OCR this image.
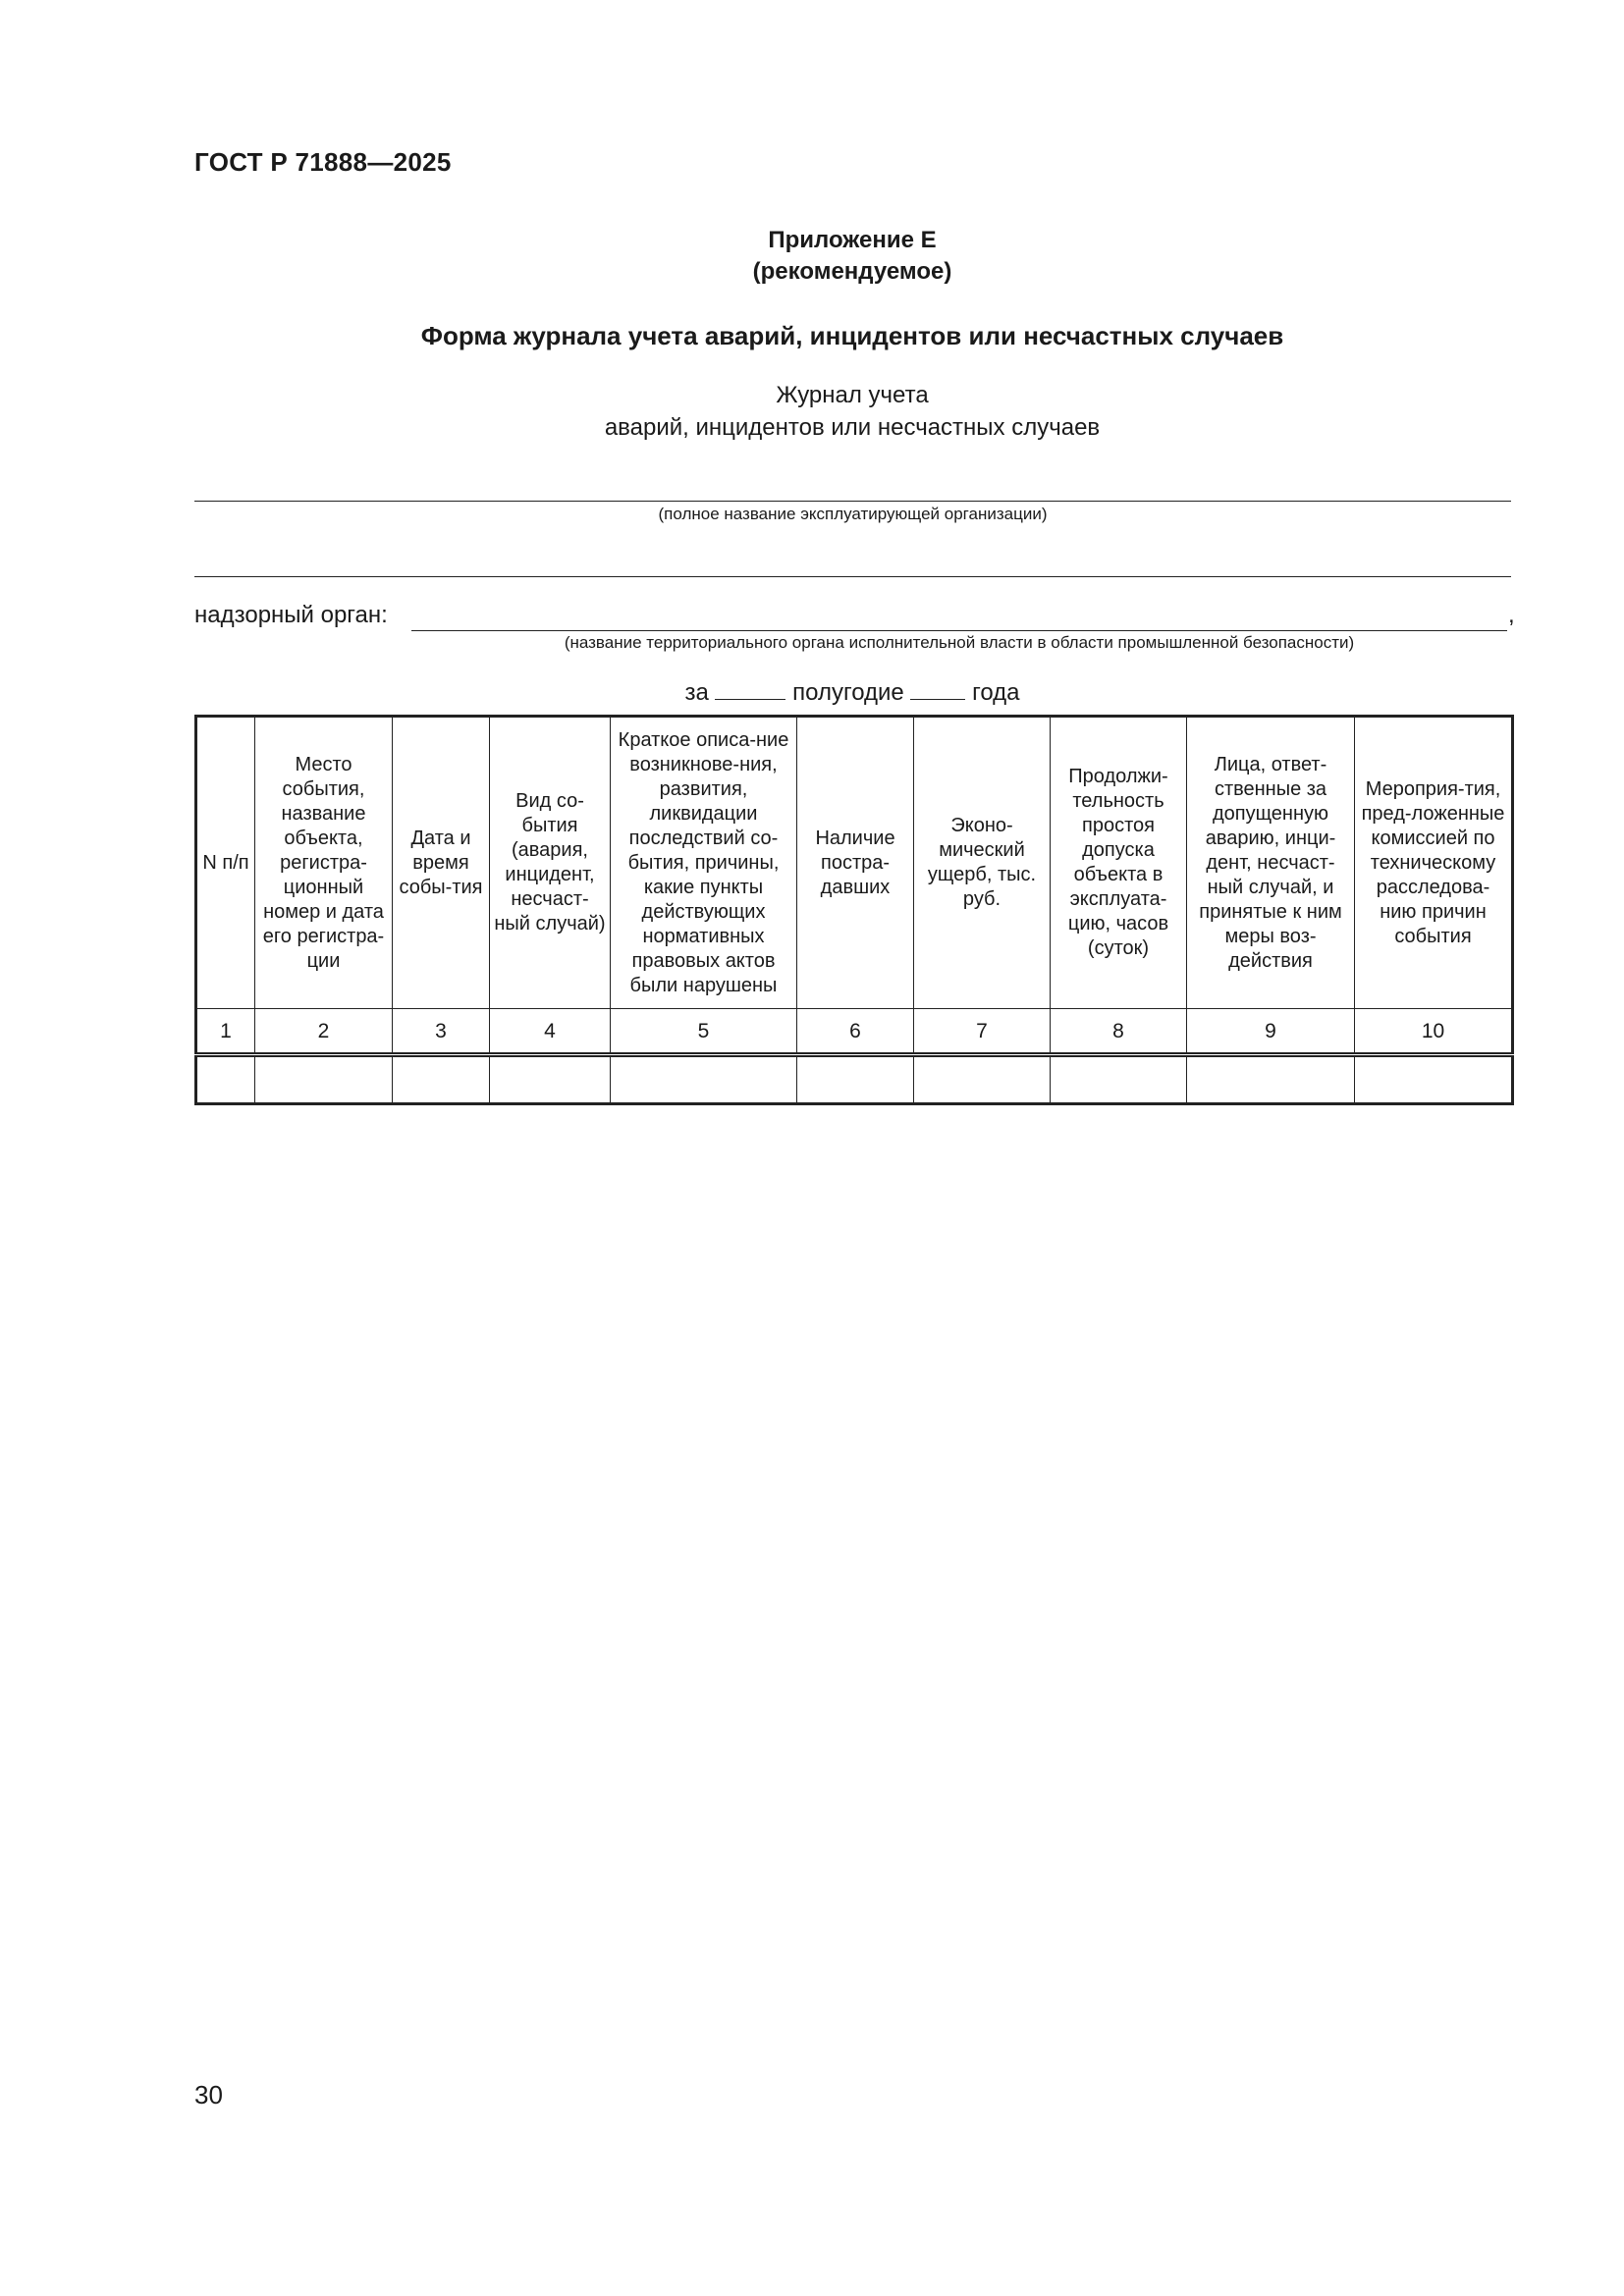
ГОСТ Р 71888—2025
Приложение Е
(рекомендуемое)
Форма журнала учета аварий, инцидентов или несчастных случаев
Журнал учета
аварий, инцидентов или несчастных случаев
(полное название эксплуатирующей организации)
надзорный орган:	,
(название территориального органа исполнительной власти в области промышленной безопасности)
за	полугодие	года
N п/п	Место события, название объекта, регистра-ционный номер и дата его регистра-ции	Дата и время собы-тия	Вид со-бытия (авария, инцидент, несчаст-ный случай)	Краткое описа-ние возникнове-ния, развития, ликвидации последствий со-бытия, причины, какие пункты действующих нормативных правовых актов были нарушены	Наличие постра-давших	Эконо-мический ущерб, тыс. руб.	Продолжи-тельность простоя допуска объекта в эксплуата-цию, часов (суток)	Лица, ответ-ственные за допущенную аварию, инци-дент, несчаст-ный случай, и принятые к ним меры воз-действия	Мероприя-тия, пред-ложенные комиссией по техническому расследова-нию причин события
1	2	3	4	5	6	7	8	9	10

30
